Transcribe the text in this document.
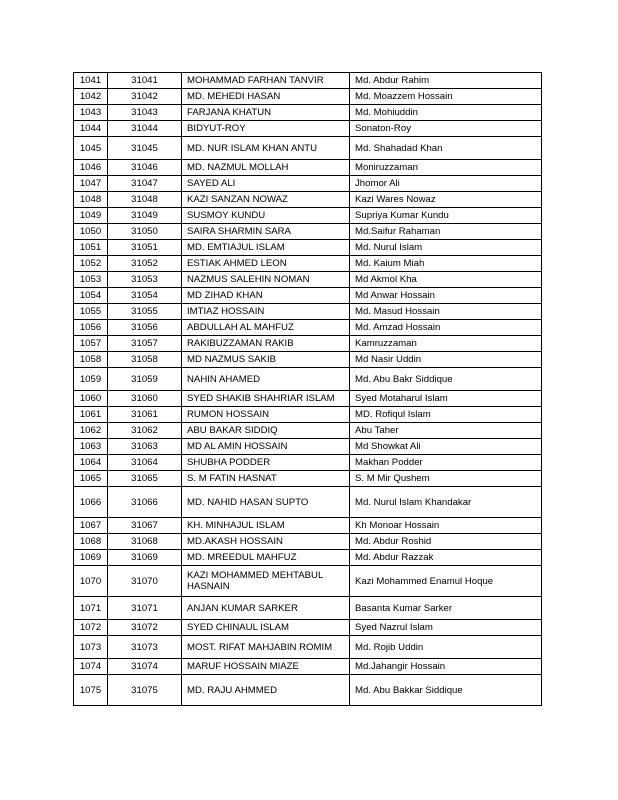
1041	31041	MOHAMMAD FARHAN TANVIR	Md. Abdur Rahim
1042	31042	MD. MEHEDI HASAN	Md. Moazzem Hossain
1043	31043	FARJANA KHATUN	Md. Mohiuddin
1044	31044	BIDYUT-ROY	Sonaton-Roy
1045	31045	MD. NUR ISLAM KHAN ANTU	Md. Shahadad Khan
1046	31046	MD. NAZMUL MOLLAH	Moniruzzaman
1047	31047	SAYED ALI	Jhomor Ali
1048	31048	KAZI SANZAN NOWAZ	Kazi Wares Nowaz
1049	31049	SUSMOY KUNDU	Supriya Kumar Kundu
1050	31050	SAIRA SHARMIN SARA	Md.Saifur Rahaman
1051	31051	MD. EMTIAJUL ISLAM	Md. Nurul Islam
1052	31052	ESTIAK AHMED LEON	Md. Kaium Miah
1053	31053	NAZMUS SALEHIN NOMAN	Md Akmol Kha
1054	31054	MD ZIHAD KHAN	Md Anwar Hossain
1055	31055	IMTIAZ HOSSAIN	Md. Masud Hossain
1056	31056	ABDULLAH AL MAHFUZ	Md. Amzad Hossain
1057	31057	RAKIBUZZAMAN RAKIB	Kamruzzaman
1058	31058	MD NAZMUS SAKIB	Md Nasir Uddin
1059	31059	NAHIN AHAMED	Md. Abu Bakr Siddique
1060	31060	SYED SHAKIB SHAHRIAR ISLAM	Syed Motaharul Islam
1061	31061	RUMON HOSSAIN	MD. Rofiqul Islam
1062	31062	ABU BAKAR SIDDIQ	Abu Taher
1063	31063	MD AL AMIN HOSSAIN	Md Showkat Ali
1064	31064	SHUBHA PODDER	Makhan Podder
1065	31065	S. M FATIN HASNAT	S. M Mir Qushem
1066	31066	MD. NAHID HASAN SUPTO	Md. Nurul Islam Khandakar
1067	31067	KH. MINHAJUL ISLAM	Kh Monoar Hossain
1068	31068	MD.AKASH HOSSAIN	Md. Abdur Roshid
1069	31069	MD. MREEDUL MAHFUZ	Md. Abdur Razzak
1070	31070	KAZI MOHAMMED MEHTABUL HASNAIN	Kazi Mohammed Enamul Hoque
1071	31071	ANJAN KUMAR SARKER	Basanta Kumar Sarker
1072	31072	SYED CHINAUL ISLAM	Syed Nazrul Islam
1073	31073	MOST. RIFAT MAHJABIN ROMIM	Md. Rojib Uddin
1074	31074	MARUF HOSSAIN MIAZE	Md.Jahangir Hossain
1075	31075	MD. RAJU AHMMED	Md. Abu Bakkar Siddique
